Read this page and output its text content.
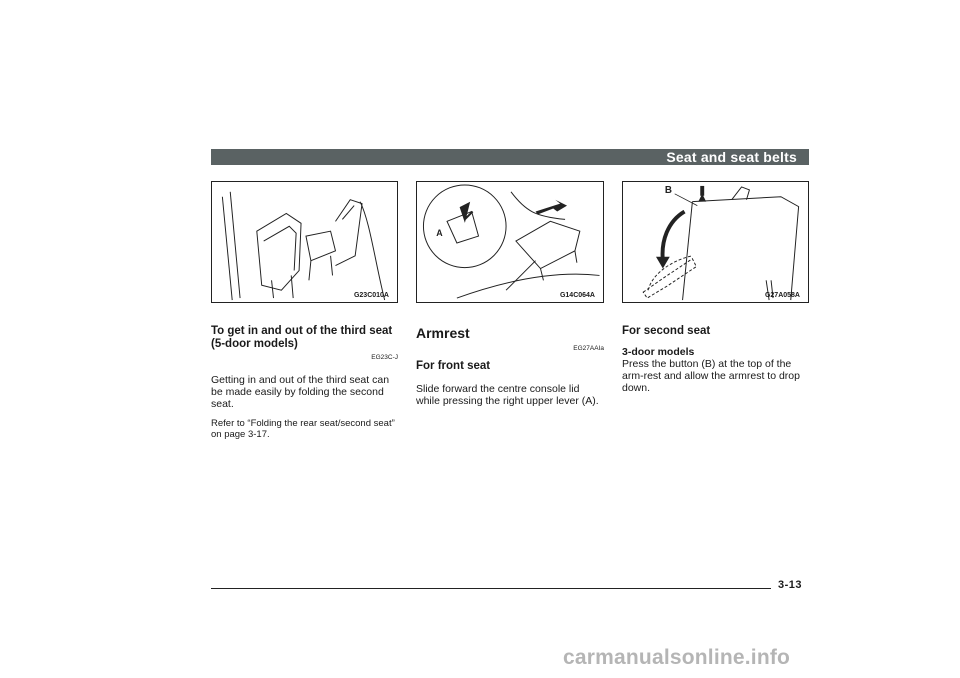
Seat and seat belts
G23C010A
A
G14C064A
B
G27A058A

To get in and out of the third seat (5-door models)

EG23C-J

Getting in and out of the third seat can be made easily by folding the second seat.

Refer to “Folding the rear seat/second seat” on page 3-17.

Armrest

EG27AAIa

For front seat

Slide forward the centre console lid while pressing the right upper lever (A).

For second seat

3-door models

Press the button (B) at the top of the arm-rest and allow the armrest to drop down.

3-13
carmanualsonline.info
